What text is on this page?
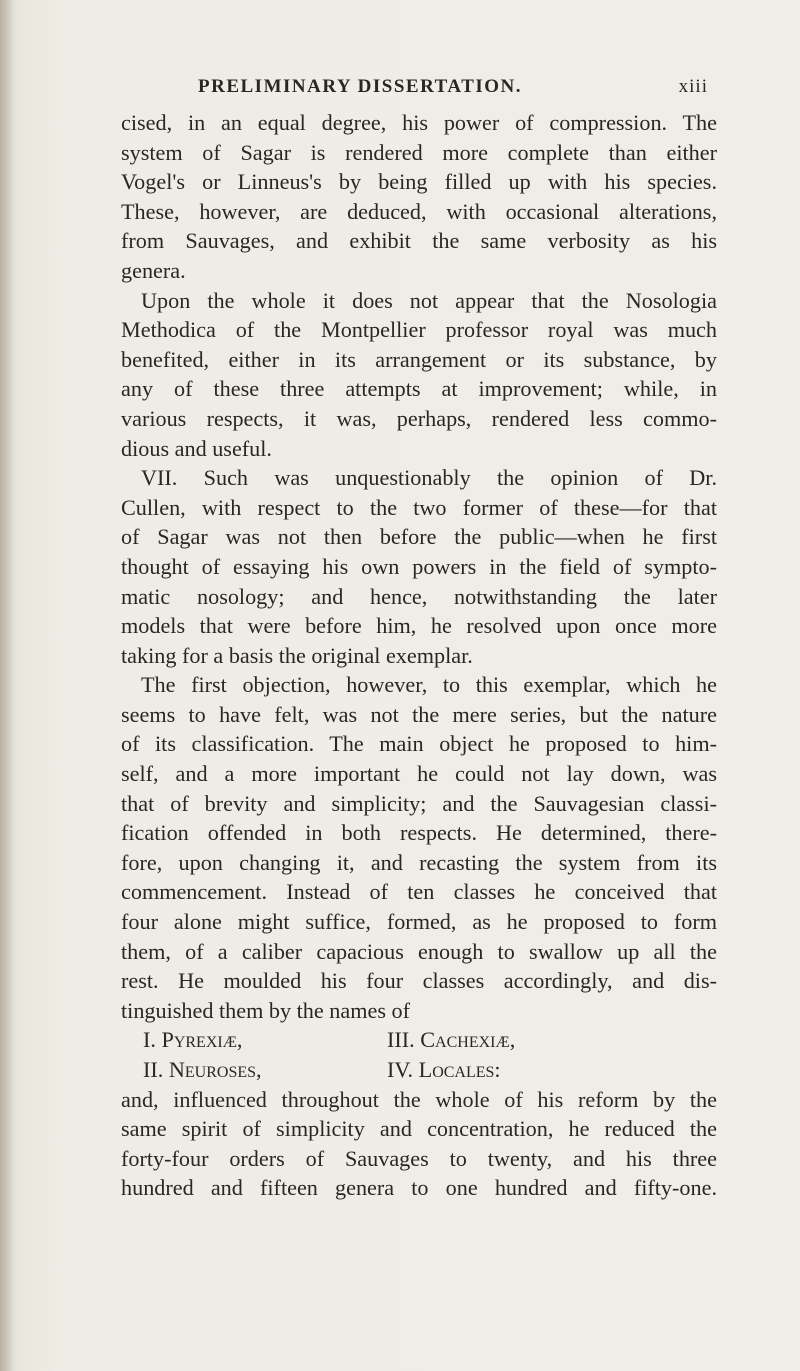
PRELIMINARY DISSERTATION.	xiii
cised, in an equal degree, his power of compression. The
system of Sagar is rendered more complete than either
Vogel's or Linneus's by being filled up with his species.
These, however, are deduced, with occasional alterations,
from Sauvages, and exhibit the same verbosity as his
genera.
Upon the whole it does not appear that the Nosologia
Methodica of the Montpellier professor royal was much
benefited, either in its arrangement or its substance, by
any of these three attempts at improvement; while, in
various respects, it was, perhaps, rendered less commo-
dious and useful.
VII. Such was unquestionably the opinion of Dr.
Cullen, with respect to the two former of these—for that
of Sagar was not then before the public—when he first
thought of essaying his own powers in the field of sympto-
matic nosology; and hence, notwithstanding the later
models that were before him, he resolved upon once more
taking for a basis the original exemplar.
The first objection, however, to this exemplar, which he
seems to have felt, was not the mere series, but the nature
of its classification. The main object he proposed to him-
self, and a more important he could not lay down, was
that of brevity and simplicity; and the Sauvagesian classi-
fication offended in both respects. He determined, there-
fore, upon changing it, and recasting the system from its
commencement. Instead of ten classes he conceived that
four alone might suffice, formed, as he proposed to form
them, of a caliber capacious enough to swallow up all the
rest. He moulded his four classes accordingly, and dis-
tinguished them by the names of
I. Pyrexiæ,	III. Cachexiæ,
II. Neuroses,	IV. Locales:
and, influenced throughout the whole of his reform by the
same spirit of simplicity and concentration, he reduced the
forty-four orders of Sauvages to twenty, and his three
hundred and fifteen genera to one hundred and fifty-one.
